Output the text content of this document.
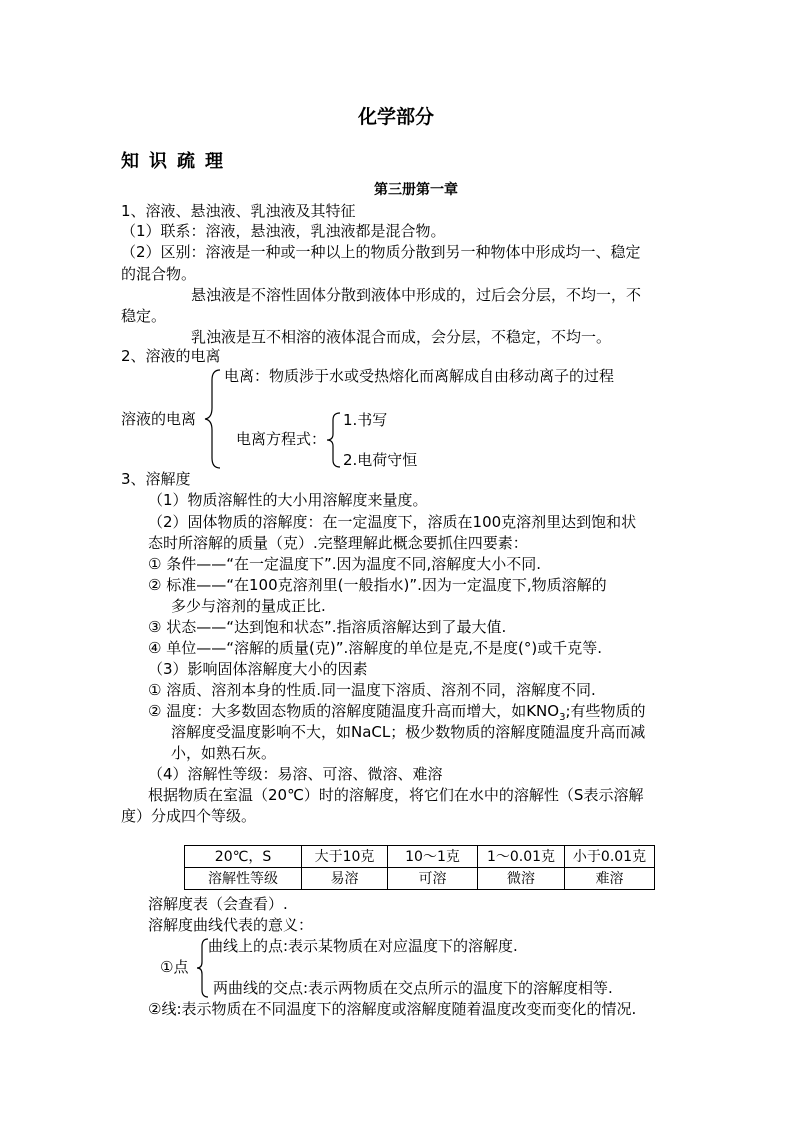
化学部分
知识疏理
第三册第一章
1、溶液、悬浊液、乳浊液及其特征
（1）联系：溶液，悬浊液，乳浊液都是混合物。
（2）区别：溶液是一种或一种以上的物质分散到另一种物体中形成均一、稳定
的混合物。
悬浊液是不溶性固体分散到液体中形成的，过后会分层，不均一，不
稳定。
乳浊液是互不相溶的液体混合而成，会分层，不稳定，不均一。
2、溶液的电离
溶液的电离
电离：物质涉于水或受热熔化而离解成自由移动离子的过程
电离方程式：
1.书写
2.电荷守恒
3、溶解度
（1）物质溶解性的大小用溶解度来量度。
（2）固体物质的溶解度：在一定温度下，溶质在100克溶剂里达到饱和状
态时所溶解的质量（克）.完整理解此概念要抓住四要素：
① 条件——“在一定温度下”.因为温度不同,溶解度大小不同.
② 标准——“在100克溶剂里(一般指水)”.因为一定温度下,物质溶解的
多少与溶剂的量成正比.
③ 状态——“达到饱和状态”.指溶质溶解达到了最大值.
④ 单位——“溶解的质量(克)”.溶解度的单位是克,不是度(°)或千克等.
（3）影响固体溶解度大小的因素
① 溶质、溶剂本身的性质.同一温度下溶质、溶剂不同，溶解度不同.
② 温度：大多数固态物质的溶解度随温度升高而增大，如$KNO_3$;有些物质的
溶解度受温度影响不大，如NaCL；极少数物质的溶解度随温度升高而减
小，如熟石灰。
（4）溶解性等级：易溶、可溶、微溶、难溶
根据物质在室温（20℃）时的溶解度，将它们在水中的溶解性（S表示溶解
度）分成四个等级。
20℃，S	大于10克	10～1克	1～0.01克	小于0.01克
溶解性等级	易溶	可溶	微溶	难溶
溶解度表（会查看）.
溶解度曲线代表的意义：
①点
曲线上的点:表示某物质在对应温度下的溶解度.
两曲线的交点:表示两物质在交点所示的温度下的溶解度相等.
②线:表示物质在不同温度下的溶解度或溶解度随着温度改变而变化的情况.
